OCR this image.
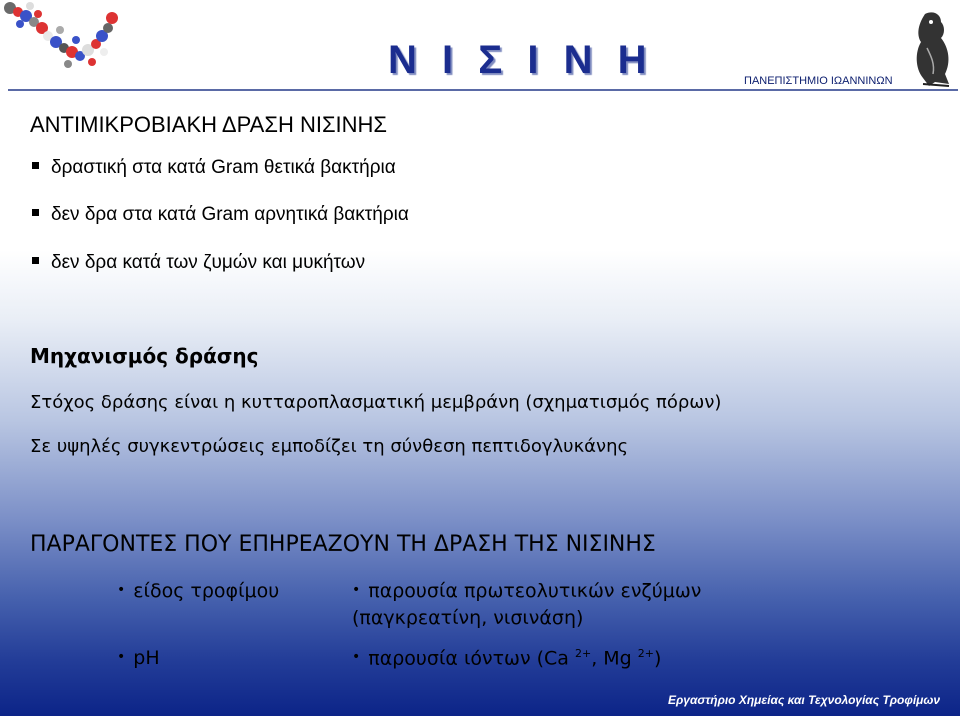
Ν Ι Σ Ι Ν Η	ΠΑΝΕΠΙΣΤΗΜΙΟ ΙΩΑΝΝΙΝΩΝ
ΑΝΤΙΜΙΚΡΟΒΙΑΚΗ ΔΡΑΣΗ ΝΙΣΙΝΗΣ
δραστική στα κατά Gram θετικά βακτήρια
δεν δρα στα κατά Gram αρνητικά βακτήρια
δεν δρα κατά των ζυμών και μυκήτων
Μηχανισμός δράσης
Στόχος δράσης είναι η κυτταροπλασματική μεμβράνη (σχηματισμός πόρων)
Σε υψηλές συγκεντρώσεις εμποδίζει τη σύνθεση πεπτιδογλυκάνης
ΠΑΡΑΓΟΝΤΕΣ ΠΟΥ ΕΠΗΡΕΑΖΟΥΝ ΤΗ ΔΡΑΣΗ ΤΗΣ ΝΙΣΙΝΗΣ
• είδος τροφίμου	• παρουσία πρωτεολυτικών ενζύμων
(παγκρεατίνη, νισινάση)
• pH	• παρουσία ιόντων (Ca $^{2+}$, Mg $^{2+}$)
Εργαστήριο Χημείας και Τεχνολογίας Τροφίμων
